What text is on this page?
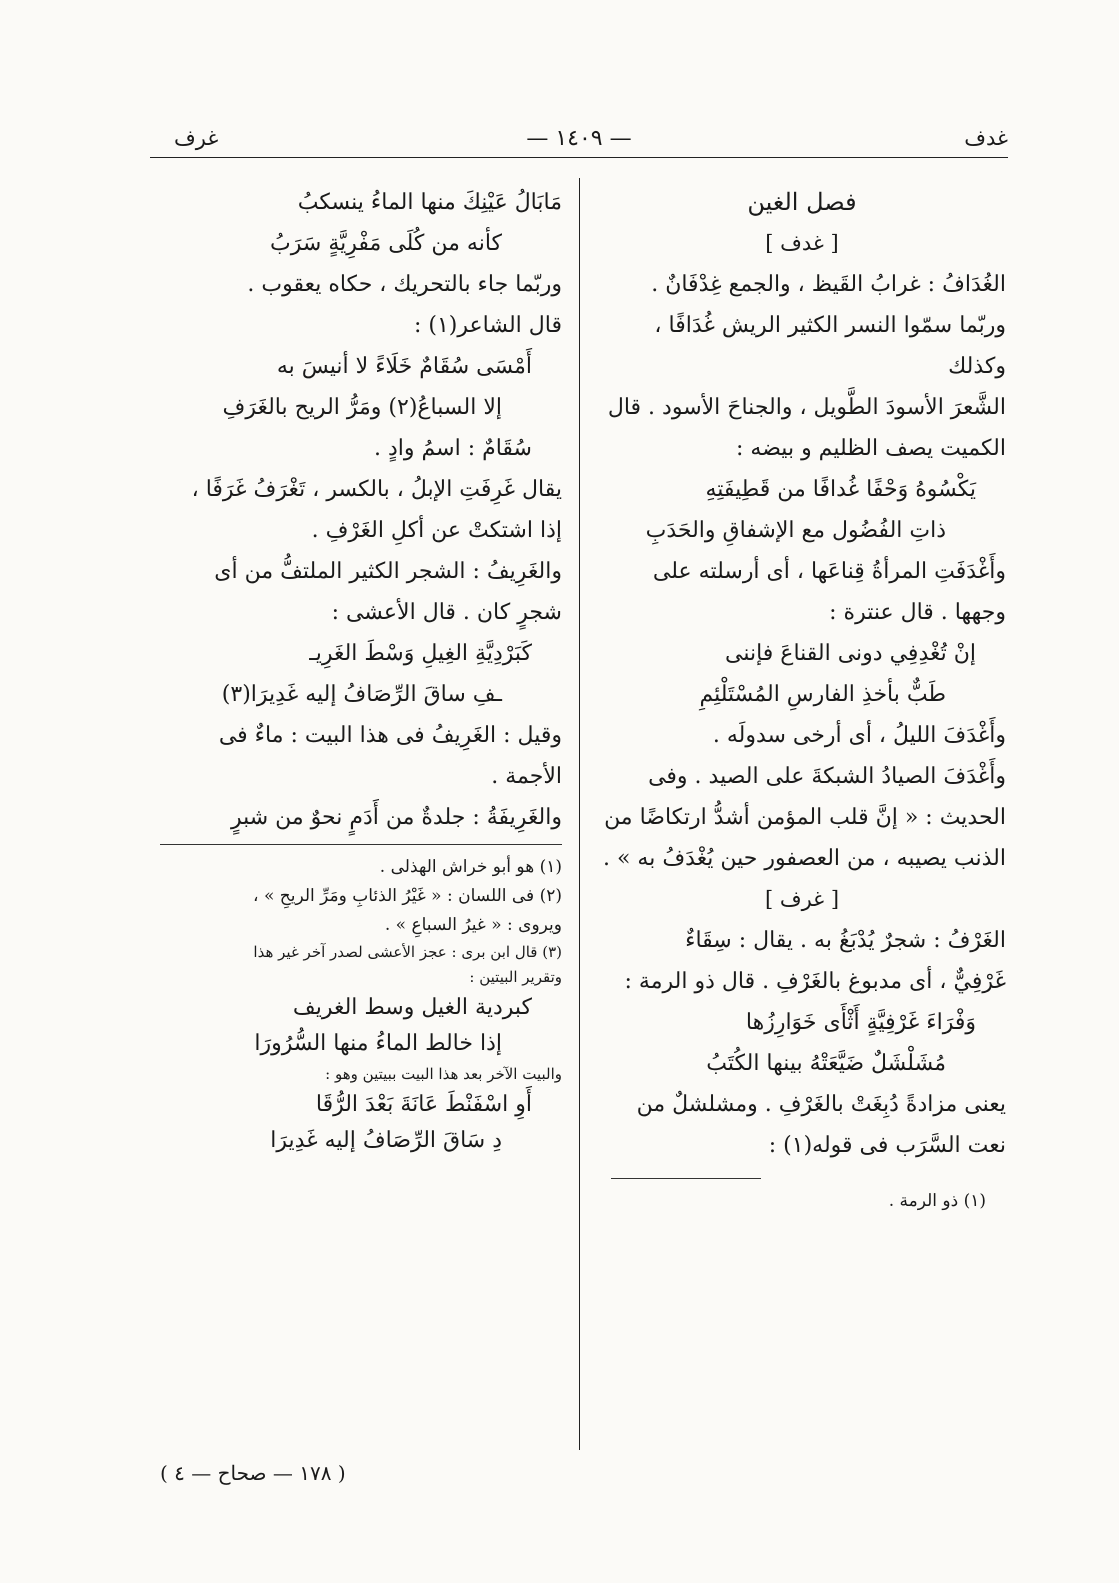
غدف
— ١٤٠٩ —
غرف

فصل الغين

[ غدف ]

الغُدَافُ : غرابُ القَيظ ، والجمع غِدْفَانٌ .

وربّما سمّوا النسر الكثير الريش غُدَافًا ، وكذلك

الشَّعرَ الأسودَ الطَّويل ، والجناحَ الأسود . قال

الكميت يصف الظليم و بيضه :

يَكْسُوهُ وَحْفًا غُدافًا من قَطِيفَتِهِ

ذاتِ الفُضُول مع الإشفاقِ والحَدَبِ

وأَغْدَفَتِ المرأةُ قِناعَها ، أى أرسلته على

وجهها . قال عنترة :

إنْ تُغْدِفِي دونى القناعَ فإننى

طَبٌّ بأخذِ الفارسِ المُسْتَلْئِمِ

وأَغْدَفَ الليلُ ، أى أرخى سدولَه .

وأَغْدَفَ الصيادُ الشبكةَ على الصيد . وفى

الحديث : « إنَّ قلب المؤمن أشدُّ ارتكاضًا من

الذنب يصيبه ، من العصفور حين يُغْدَفُ به » .

[ غرف ]

الغَرْفُ : شجرٌ يُدْبَغُ به . يقال : سِقَاءٌ

غَرْفِيٌّ ، أى مدبوغ بالغَرْفِ . قال ذو الرمة :

وَفْرَاءَ غَرْفِيَّةٍ أَثْأَى خَوَارِزُها

مُشَلْشَلٌ ضَيَّعَتْهُ بينها الكُتَبُ

يعنى مزادةً دُبِغَتْ بالغَرْفِ . ومشلشلٌ من

نعت السَّرَب فى قوله(١) :

(١) ذو الرمة .

مَابَالُ عَيْنِكَ منها الماءُ ينسكبُ

كأنه من كُلَى مَفْرِيَّةٍ سَرَبُ

وربّما جاء بالتحريك ، حكاه يعقوب .

قال الشاعر(١) :

أَمْسَى سُقَامٌ خَلَاءً لا أنيسَ به

إلا السباعُ(٢) ومَرُّ الريح بالغَرَفِ

سُقَامٌ : اسمُ وادٍ .

يقال غَرِفَتِ الإبلُ ، بالكسر ، تَغْرَفُ غَرَفًا ،

إذا اشتكتْ عن أكلِ الغَرْفِ .

والغَرِيفُ : الشجر الكثير الملتفُّ من أى

شجرٍ كان . قال الأعشى :

كَبَرْدِيَّةِ الغِيلِ وَسْطَ الغَرِيـ

ـفِ ساقَ الرِّصَافُ إليه غَدِيرَا(٣)

وقيل : الغَرِيفُ فى هذا البيت : ماءٌ فى الأجمة .

والغَرِيفَةُ : جلدةٌ من أَدَمٍ نحوٌ من شبرٍ

(١) هو أبو خراش الهذلى .

(٢) فى اللسان : « غَيْرُ الذئابِ ومَرِّ الريحِ » ،

ويروى : « غيرُ السباعِ » .

(٣) قال ابن برى : عجز الأعشى لصدر آخر غير هذا

وتقرير البيتين :

كبردية الغيل وسط الغريف

إذا خالط الماءُ منها السُّرُورَا

والبيت الآخر بعد هذا البيت ببيتين وهو :

أَوِ اسْفَنْطَ عَانَةَ بَعْدَ الرُّقَا

دِ سَاقَ الرِّصَافُ إليه غَدِيرَا

( ١٧٨ — صحاح — ٤ )
